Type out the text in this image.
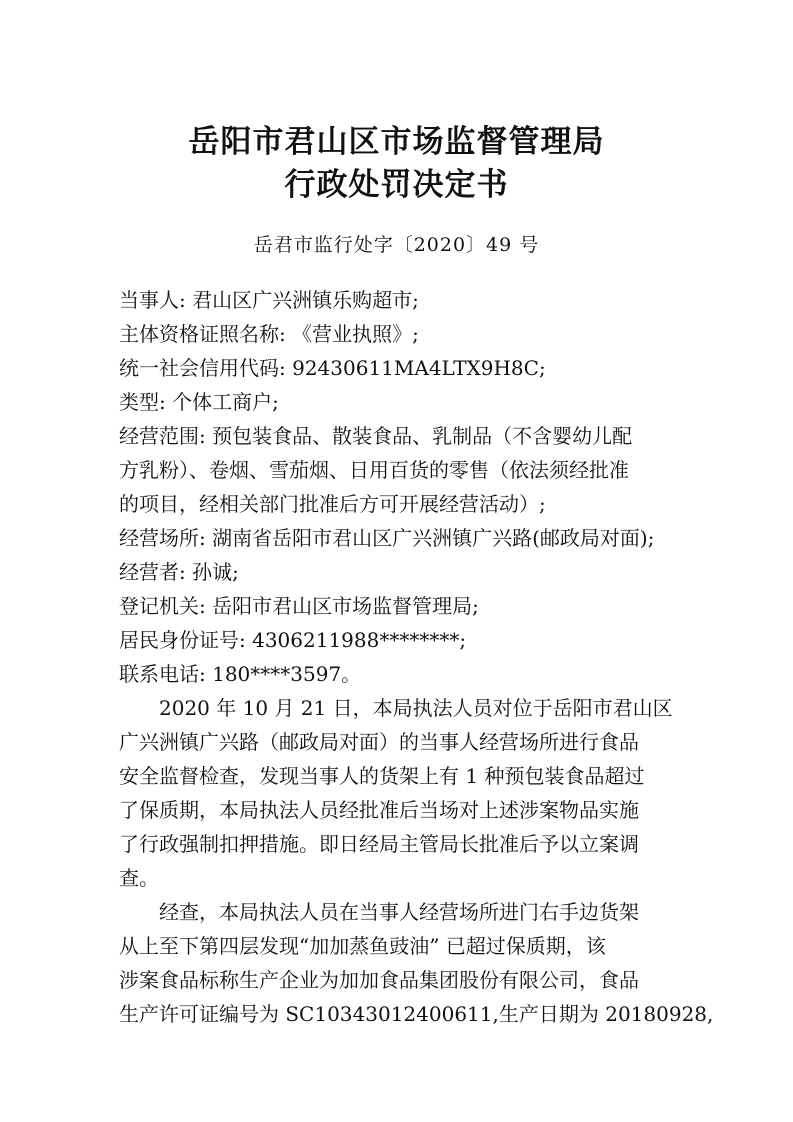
岳阳市君山区市场监督管理局
行政处罚决定书
岳君市监行处字〔2020〕49 号
当事人: 君山区广兴洲镇乐购超市;
主体资格证照名称: 《营业执照》;
统一社会信用代码: 92430611MA4LTX9H8C;
类型: 个体工商户;
经营范围: 预包装食品、散装食品、乳制品（不含婴幼儿配
方乳粉）、卷烟、雪茄烟、日用百货的零售（依法须经批准
的项目，经相关部门批准后方可开展经营活动）;
经营场所: 湖南省岳阳市君山区广兴洲镇广兴路(邮政局对面);
经营者: 孙诚;
登记机关: 岳阳市君山区市场监督管理局;
居民身份证号: 4306211988********;
联系电话: 180****3597。
2020 年 10 月 21 日，本局执法人员对位于岳阳市君山区
广兴洲镇广兴路（邮政局对面）的当事人经营场所进行食品
安全监督检查，发现当事人的货架上有 1 种预包装食品超过
了保质期，本局执法人员经批准后当场对上述涉案物品实施
了行政强制扣押措施。即日经局主管局长批准后予以立案调
查。
经查，本局执法人员在当事人经营场所进门右手边货架
从上至下第四层发现“加加蒸鱼豉油” 已超过保质期，该
涉案食品标称生产企业为加加食品集团股份有限公司，食品
生产许可证编号为 SC10343012400611,生产日期为 20180928,
